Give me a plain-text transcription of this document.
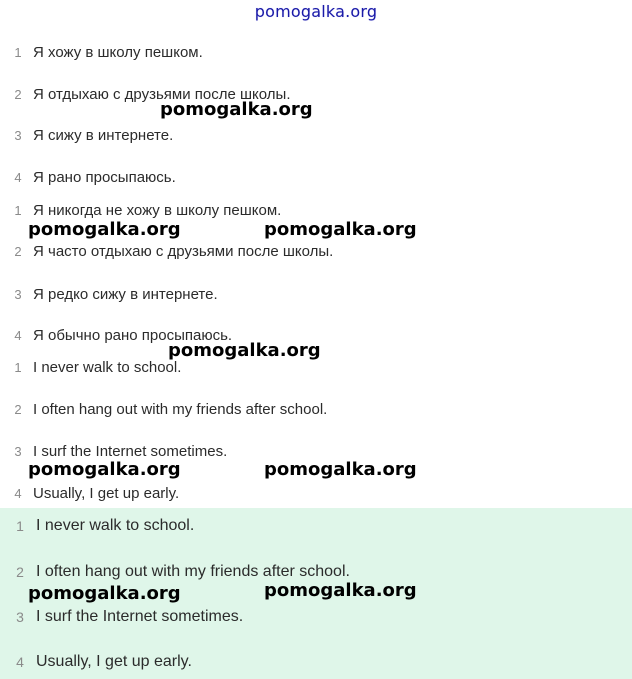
pomogalka.org
1 Я хожу в школу пешком.
2 Я отдыхаю с друзьями после школы.
3 Я сижу в интернете.
4 Я рано просыпаюсь.
1 Я никогда не хожу в школу пешком.
2 Я часто отдыхаю с друзьями после школы.
3 Я редко сижу в интернете.
4 Я обычно рано просыпаюсь.
1 I never walk to school.
2 I often hang out with my friends after school.
3 I surf the Internet sometimes.
4 Usually, I get up early.
1 I never walk to school.
2 I often hang out with my friends after school.
3 I surf the Internet sometimes.
4 Usually, I get up early.
pomogalka.org
pomogalka.org	pomogalka.org
pomogalka.org
pomogalka.org	pomogalka.org
pomogalka.org	pomogalka.org
